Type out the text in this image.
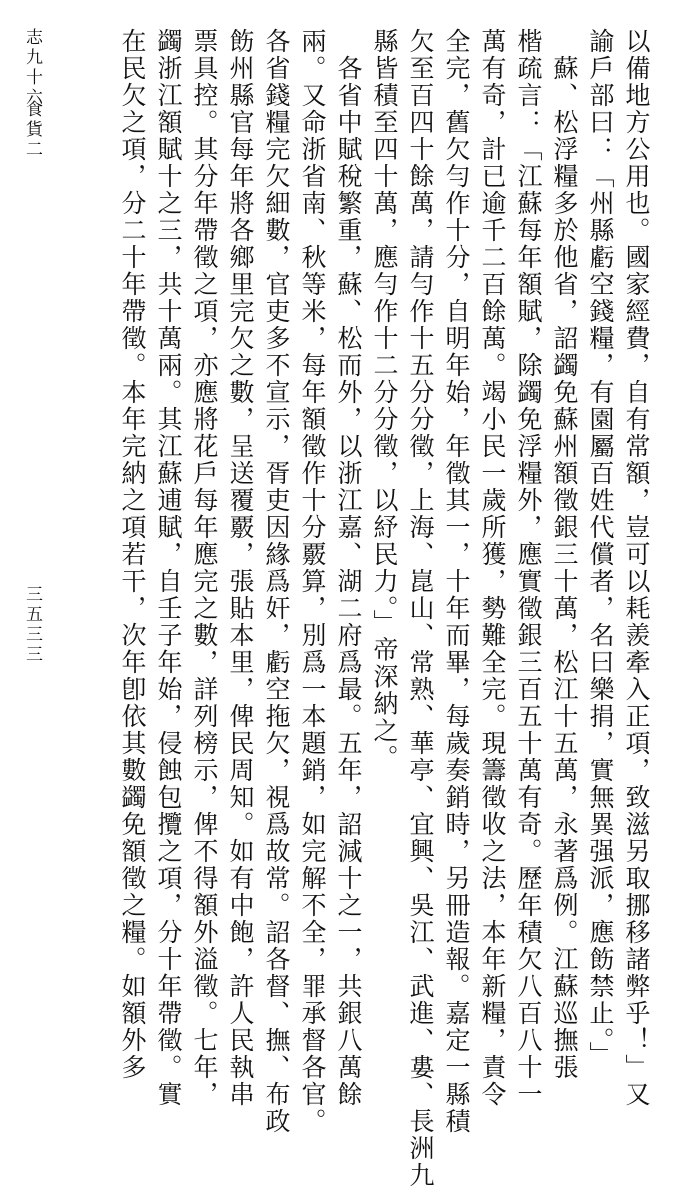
以備地方公用也。國家經費，自有常額，豈可以耗羨牽入正項，致滋另取挪移諸弊乎！」又
諭戶部曰：「州縣虧空錢糧，有園屬百姓代償者，名曰樂捐，實無異强派，應飭禁止。」
　蘇、松浮糧多於他省，詔蠲免蘇州額徵銀三十萬，松江十五萬，永著爲例。江蘇巡撫張
楷疏言：「江蘇每年額賦，除蠲免浮糧外，應實徵銀三百五十萬有奇。歷年積欠八百八十一
萬有奇，計已逾千二百餘萬。竭小民一歲所獲，勢難全完。現籌徵收之法，本年新糧，責令
全完，舊欠勻作十分，自明年始，年徵其一，十年而畢，每歲奏銷時，另冊造報。嘉定一縣積
欠至百四十餘萬，請勻作十五分分徵，上海、崑山、常熟、華亭、宜興、吳江、武進、婁、長洲九
縣皆積至四十萬，應勻作十二分分徵，以紓民力。」帝深納之。
　各省中賦稅繁重，蘇、松而外，以浙江嘉、湖二府爲最。五年，詔減十之一，共銀八萬餘
兩。又命浙省南、秋等米，每年額徵作十分覈算，別爲一本題銷，如完解不全，罪承督各官。
各省錢糧完欠細數，官吏多不宣示，胥吏因緣爲奸，虧空拖欠，視爲故常。詔各督、撫、布政
飭州縣官每年將各鄉里完欠之數，呈送覆覈，張貼本里，俾民周知。如有中飽，許人民執串
票具控。其分年帶徵之項，亦應將花戶每年應完之數，詳列榜示，俾不得額外溢徵。七年，
蠲浙江額賦十之三，共十萬兩。其江蘇逋賦，自壬子年始，侵蝕包攬之項，分十年帶徵。實
在民欠之項，分二十年帶徵。本年完納之項若干，次年卽依其數蠲免額徵之糧。如額外多
志九十六
食貨二
三五三三
